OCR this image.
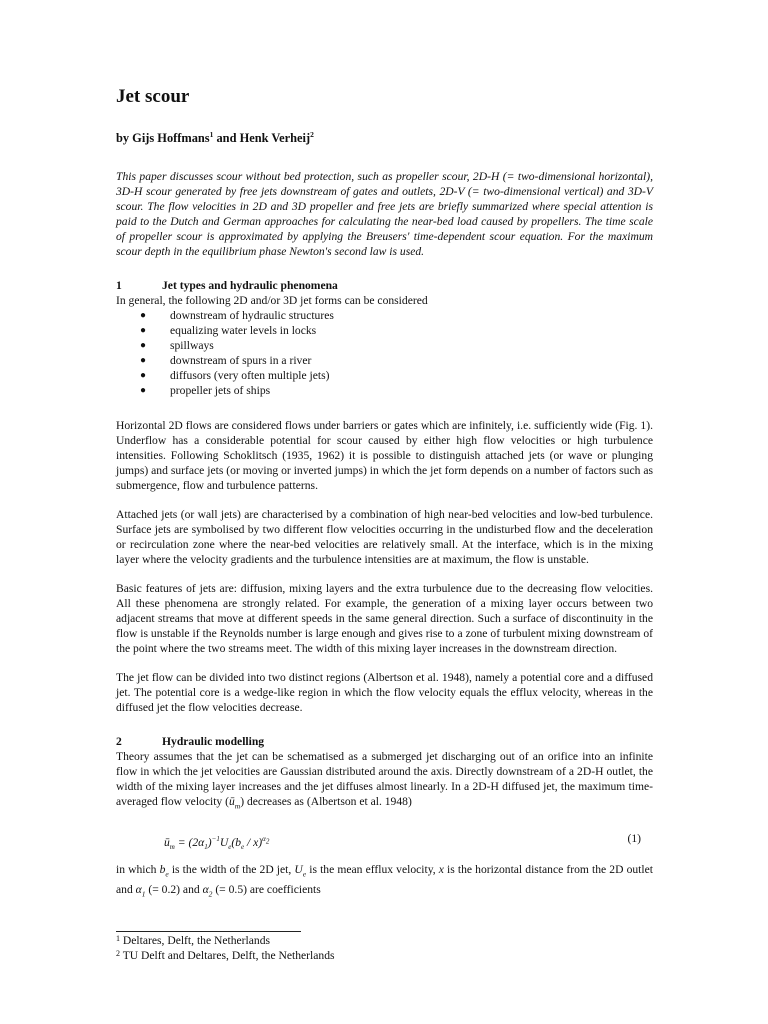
Jet scour
by Gijs Hoffmans$^1$ and Henk Verheij$^2$

This paper discusses scour without bed protection, such as propeller scour, 2D-H (= two-dimensional horizontal), 3D-H scour generated by free jets downstream of gates and outlets, 2D-V (= two-dimensional vertical) and 3D-V scour. The flow velocities in 2D and 3D propeller and free jets are briefly summarized where special attention is paid to the Dutch and German approaches for calculating the near-bed load caused by propellers. The time scale of propeller scour is approximated by applying the Breusers' time-dependent scour equation. For the maximum scour depth in the equilibrium phase Newton's second law is used.

1	Jet types and hydraulic phenomena

In general, the following 2D and/or 3D jet forms can be considered

●	downstream of hydraulic structures
●	equalizing water levels in locks
●	spillways
●	downstream of spurs in a river
●	diffusors (very often multiple jets)
●	propeller jets of ships

Horizontal 2D flows are considered flows under barriers or gates which are infinitely, i.e. sufficiently wide (Fig. 1). Underflow has a considerable potential for scour caused by either high flow velocities or high turbulence intensities. Following Schoklitsch (1935, 1962) it is possible to distinguish attached jets (or wave or plunging jumps) and surface jets (or moving or inverted jumps) in which the jet form depends on a number of factors such as submergence, flow and turbulence patterns.

Attached jets (or wall jets) are characterised by a combination of high near-bed velocities and low-bed turbulence. Surface jets are symbolised by two different flow velocities occurring in the undisturbed flow and the deceleration or recirculation zone where the near-bed velocities are relatively small. At the interface, which is in the mixing layer where the velocity gradients and the turbulence intensities are at maximum, the flow is unstable.

Basic features of jets are: diffusion, mixing layers and the extra turbulence due to the decreasing flow velocities. All these phenomena are strongly related. For example, the generation of a mixing layer occurs between two adjacent streams that move at different speeds in the same general direction. Such a surface of discontinuity in the flow is unstable if the Reynolds number is large enough and gives rise to a zone of turbulent mixing downstream of the point where the two streams meet. The width of this mixing layer increases in the downstream direction.

The jet flow can be divided into two distinct regions (Albertson et al. 1948), namely a potential core and a diffused jet. The potential core is a wedge-like region in which the flow velocity equals the efflux velocity, whereas in the diffused jet the flow velocities decrease.

2	Hydraulic modelling

Theory assumes that the jet can be schematised as a submerged jet discharging out of an orifice into an infinite flow in which the jet velocities are Gaussian distributed around the axis. Directly downstream of a 2D-H outlet, the width of the mixing layer increases and the jet diffuses almost linearly. In a 2D-H diffused jet, the maximum time-averaged flow velocity $(ū_m)$ decreases as (Albertson et al. 1948)

$ū_m = (2\alpha_1)^{-1}U_e(b_e / x)^{\alpha_2}$	(1)

in which $b_e$ is the width of the 2D jet, $U_e$ is the mean efflux velocity, x is the horizontal distance from the 2D outlet and $\alpha_1$ (= 0.2) and $\alpha_2$ (= 0.5) are coefficients

$^1$ Deltares, Delft, the Netherlands
$^2$ TU Delft and Deltares, Delft, the Netherlands
